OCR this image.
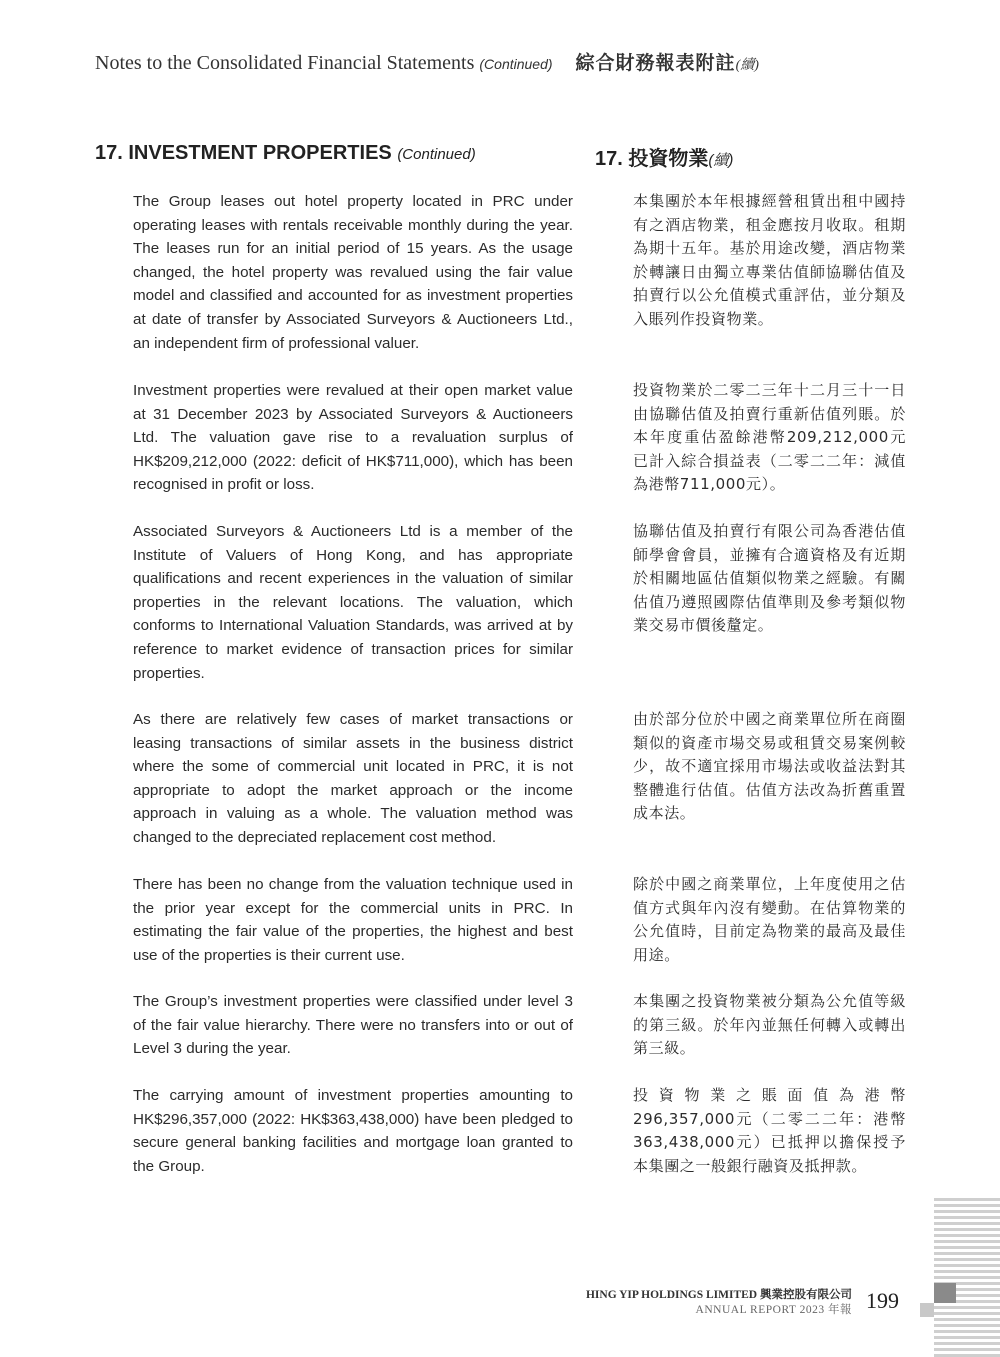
Notes to the Consolidated Financial Statements (Continued) 綜合財務報表附註(續)
17. INVESTMENT PROPERTIES (Continued)	17. 投資物業(續)

The Group leases out hotel property located in PRC under operating leases with rentals receivable monthly during the year. The leases run for an initial period of 15 years. As the usage changed, the hotel property was revalued using the fair value model and classified and accounted for as investment properties at date of transfer by Associated Surveyors & Auctioneers Ltd., an independent firm of professional valuer.

本集團於本年根據經營租賃出租中國持有之酒店物業，租金應按月收取。租期為期十五年。基於用途改變，酒店物業於轉讓日由獨立專業估值師協聯估值及拍賣行以公允值模式重評估，並分類及入賬列作投資物業。

Investment properties were revalued at their open market value at 31 December 2023 by Associated Surveyors & Auctioneers Ltd. The valuation gave rise to a revaluation surplus of HK$209,212,000 (2022: deficit of HK$711,000), which has been recognised in profit or loss.

投資物業於二零二三年十二月三十一日由協聯估值及拍賣行重新估值列賬。於本年度重估盈餘港幣209,212,000元已計入綜合損益表（二零二二年：減值為港幣711,000元）。

Associated Surveyors & Auctioneers Ltd is a member of the Institute of Valuers of Hong Kong, and has appropriate qualifications and recent experiences in the valuation of similar properties in the relevant locations. The valuation, which conforms to International Valuation Standards, was arrived at by reference to market evidence of transaction prices for similar properties.

協聯估值及拍賣行有限公司為香港估值師學會會員，並擁有合適資格及有近期於相關地區估值類似物業之經驗。有關估值乃遵照國際估值準則及參考類似物業交易市價後釐定。

As there are relatively few cases of market transactions or leasing transactions of similar assets in the business district where the some of commercial unit located in PRC, it is not appropriate to adopt the market approach or the income approach in valuing as a whole. The valuation method was changed to the depreciated replacement cost method.

由於部分位於中國之商業單位所在商圈類似的資產市場交易或租賃交易案例較少，故不適宜採用市場法或收益法對其整體進行估值。估值方法改為折舊重置成本法。

There has been no change from the valuation technique used in the prior year except for the commercial units in PRC. In estimating the fair value of the properties, the highest and best use of the properties is their current use.

除於中國之商業單位，上年度使用之估值方式與年內沒有變動。在估算物業的公允值時，目前定為物業的最高及最佳用途。

The Group’s investment properties were classified under level 3 of the fair value hierarchy. There were no transfers into or out of Level 3 during the year.

本集團之投資物業被分類為公允值等級的第三級。於年內並無任何轉入或轉出第三級。

The carrying amount of investment properties amounting to HK$296,357,000 (2022: HK$363,438,000) have been pledged to secure general banking facilities and mortgage loan granted to the Group.

投資物業之賬面值為港幣296,357,000元（二零二二年：港幣363,438,000元）已抵押以擔保授予本集團之一般銀行融資及抵押款。

HING YIP HOLDINGS LIMITED 興業控股有限公司
ANNUAL REPORT 2023 年報 199
